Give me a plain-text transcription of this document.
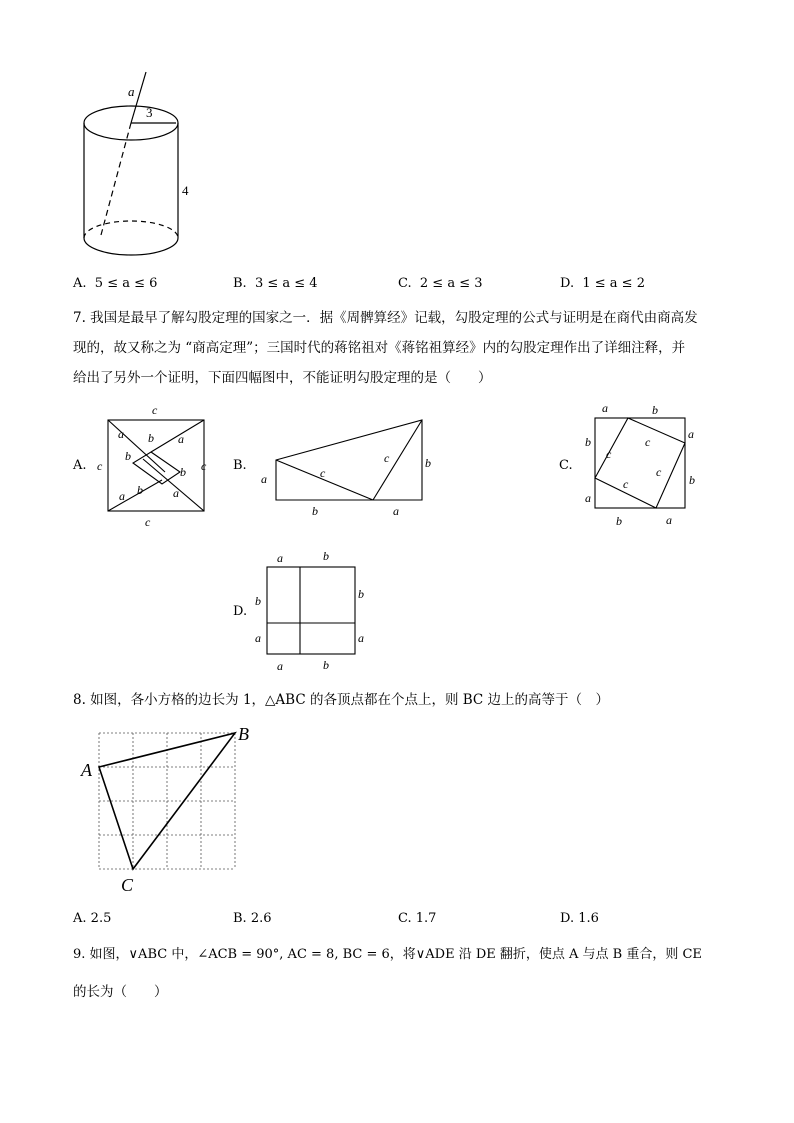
a
3
4
A. 5 ≤ a ≤ 6	B. 3 ≤ a ≤ 4	C. 2 ≤ a ≤ 3	D. 1 ≤ a ≤ 2
7. 我国是最早了解勾股定理的国家之一．据《周髀算经》记载，勾股定理的公式与证明是在商代由商高发
现的，故又称之为 “商高定理”；三国时代的蒋铭祖对《蒋铭祖算经》内的勾股定理作出了详细注释，并
给出了另外一个证明，下面四幅图中，不能证明勾股定理的是（　　）
A.	B.	C.
D.
c
c	c
c
a b a
b
b
a b	a
a	c
c	b
b	a
a	b
b
a
c
c
c
c
a
b
b	a
a	b
b	b
a	a
a	b
8. 如图，各小方格的边长为 1，△ABC 的各顶点都在个点上，则 BC 边上的高等于（　）
A
B
C
A. 2.5	B. 2.6	C. 1.7	D. 1.6
9. 如图，∨ABC 中，∠ACB = 90°, AC = 8, BC = 6，将∨ADE 沿 DE 翻折，使点 A 与点 B 重合，则 CE
的长为（　　）
